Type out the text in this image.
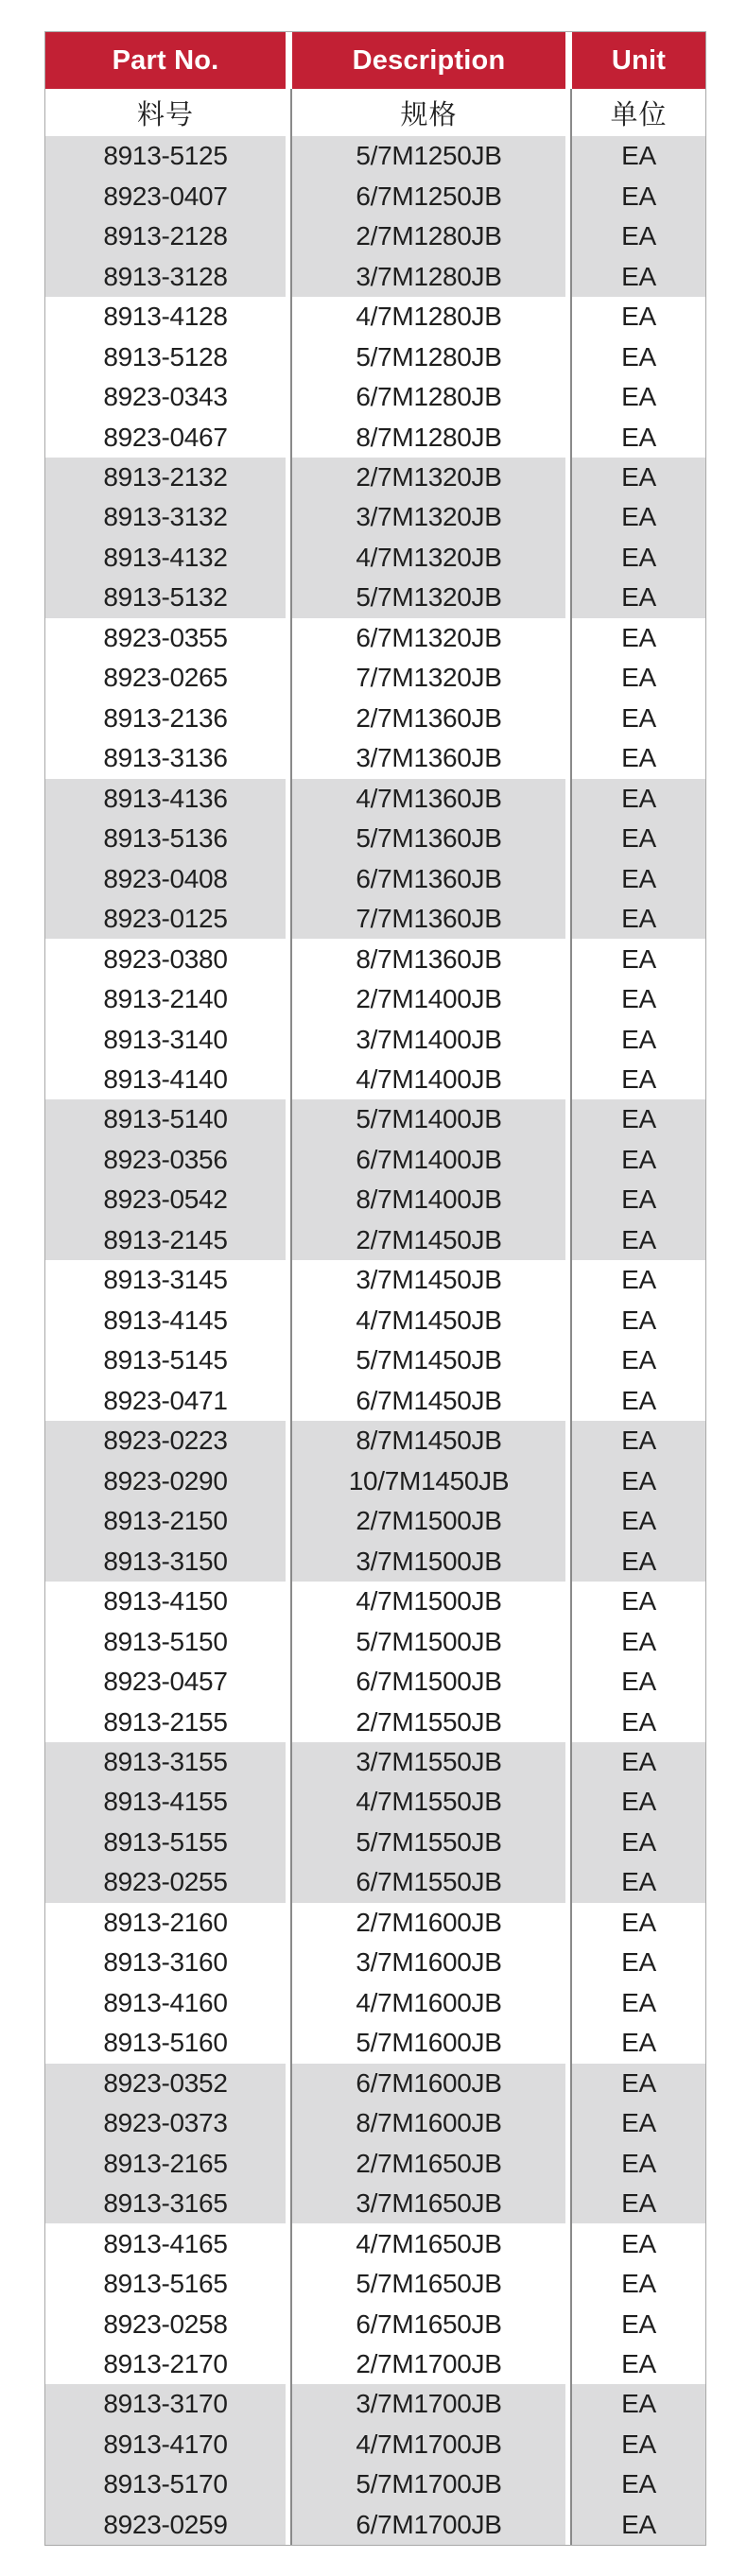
Part No.	Description	Unit
料号	规格	单位
8913-5125	5/7M1250JB	EA
8923-0407	6/7M1250JB	EA
8913-2128	2/7M1280JB	EA
8913-3128	3/7M1280JB	EA
8913-4128	4/7M1280JB	EA
8913-5128	5/7M1280JB	EA
8923-0343	6/7M1280JB	EA
8923-0467	8/7M1280JB	EA
8913-2132	2/7M1320JB	EA
8913-3132	3/7M1320JB	EA
8913-4132	4/7M1320JB	EA
8913-5132	5/7M1320JB	EA
8923-0355	6/7M1320JB	EA
8923-0265	7/7M1320JB	EA
8913-2136	2/7M1360JB	EA
8913-3136	3/7M1360JB	EA
8913-4136	4/7M1360JB	EA
8913-5136	5/7M1360JB	EA
8923-0408	6/7M1360JB	EA
8923-0125	7/7M1360JB	EA
8923-0380	8/7M1360JB	EA
8913-2140	2/7M1400JB	EA
8913-3140	3/7M1400JB	EA
8913-4140	4/7M1400JB	EA
8913-5140	5/7M1400JB	EA
8923-0356	6/7M1400JB	EA
8923-0542	8/7M1400JB	EA
8913-2145	2/7M1450JB	EA
8913-3145	3/7M1450JB	EA
8913-4145	4/7M1450JB	EA
8913-5145	5/7M1450JB	EA
8923-0471	6/7M1450JB	EA
8923-0223	8/7M1450JB	EA
8923-0290	10/7M1450JB	EA
8913-2150	2/7M1500JB	EA
8913-3150	3/7M1500JB	EA
8913-4150	4/7M1500JB	EA
8913-5150	5/7M1500JB	EA
8923-0457	6/7M1500JB	EA
8913-2155	2/7M1550JB	EA
8913-3155	3/7M1550JB	EA
8913-4155	4/7M1550JB	EA
8913-5155	5/7M1550JB	EA
8923-0255	6/7M1550JB	EA
8913-2160	2/7M1600JB	EA
8913-3160	3/7M1600JB	EA
8913-4160	4/7M1600JB	EA
8913-5160	5/7M1600JB	EA
8923-0352	6/7M1600JB	EA
8923-0373	8/7M1600JB	EA
8913-2165	2/7M1650JB	EA
8913-3165	3/7M1650JB	EA
8913-4165	4/7M1650JB	EA
8913-5165	5/7M1650JB	EA
8923-0258	6/7M1650JB	EA
8913-2170	2/7M1700JB	EA
8913-3170	3/7M1700JB	EA
8913-4170	4/7M1700JB	EA
8913-5170	5/7M1700JB	EA
8923-0259	6/7M1700JB	EA
